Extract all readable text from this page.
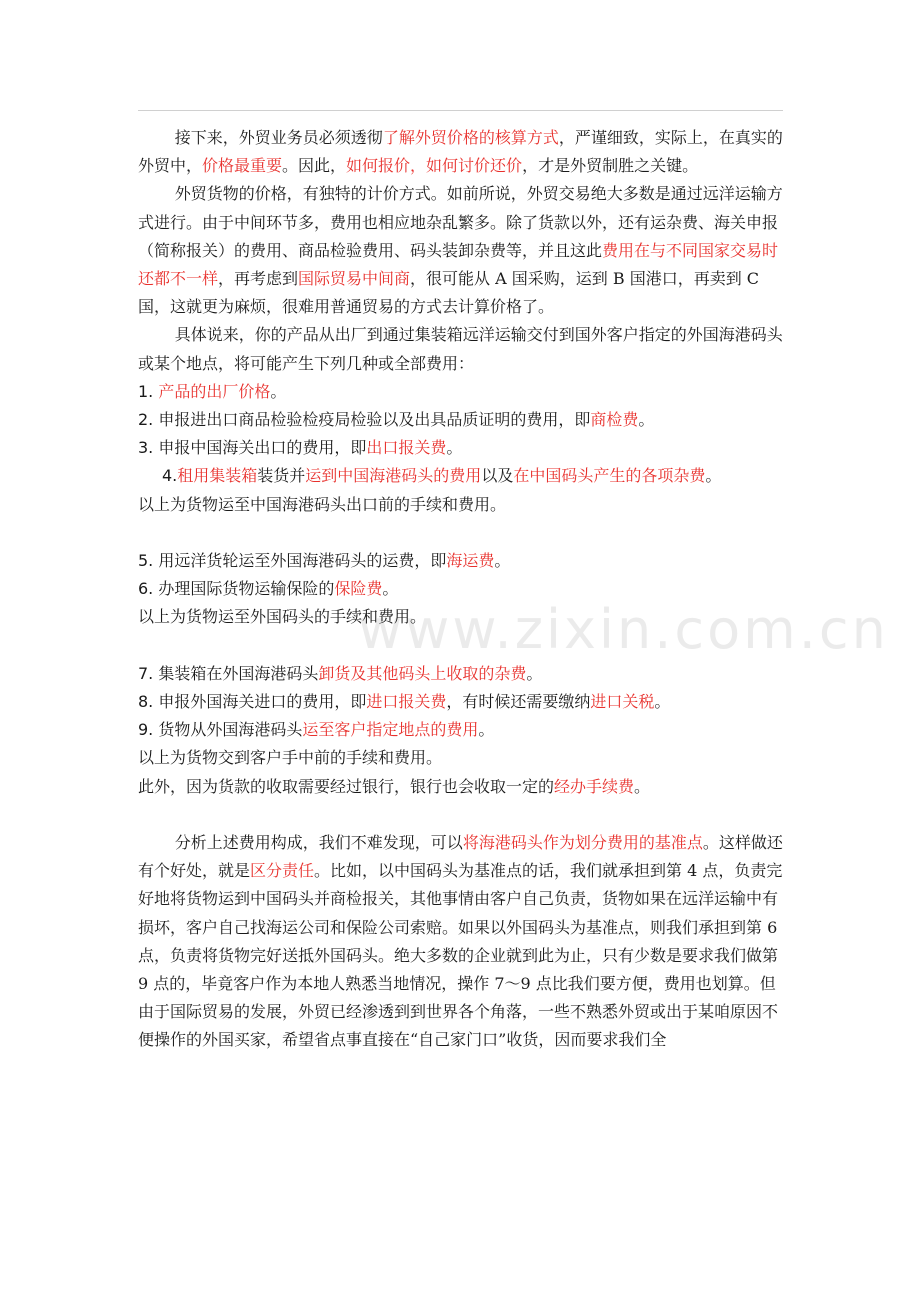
www.zixin.com.cn

接下来，外贸业务员必须透彻了解外贸价格的核算方式，严谨细致，实际上，在真实的外贸中，价格最重要。因此，如何报价，如何讨价还价，才是外贸制胜之关键。

外贸货物的价格，有独特的计价方式。如前所说，外贸交易绝大多数是通过远洋运输方式进行。由于中间环节多，费用也相应地杂乱繁多。除了货款以外，还有运杂费、海关申报（简称报关）的费用、商品检验费用、码头装卸杂费等，并且这此费用在与不同国家交易时还都不一样，再考虑到国际贸易中间商，很可能从 A 国采购，运到 B 国港口，再卖到 C 国，这就更为麻烦，很难用普通贸易的方式去计算价格了。

具体说来，你的产品从出厂到通过集装箱远洋运输交付到国外客户指定的外国海港码头或某个地点，将可能产生下列几种或全部费用：

1. 产品的出厂价格。

2. 申报进出口商品检验检疫局检验以及出具品质证明的费用，即商检费。

3. 申报中国海关出口的费用，即出口报关费。

4.租用集装箱装货并运到中国海港码头的费用以及在中国码头产生的各项杂费。

以上为货物运至中国海港码头出口前的手续和费用。

5. 用远洋货轮运至外国海港码头的运费，即海运费。

6. 办理国际货物运输保险的保险费。

以上为货物运至外国码头的手续和费用。

7. 集装箱在外国海港码头卸货及其他码头上收取的杂费。

8. 申报外国海关进口的费用，即进口报关费，有时候还需要缴纳进口关税。

9. 货物从外国海港码头运至客户指定地点的费用。

以上为货物交到客户手中前的手续和费用。

此外，因为货款的收取需要经过银行，银行也会收取一定的经办手续费。

分析上述费用构成，我们不难发现，可以将海港码头作为划分费用的基准点。这样做还有个好处，就是区分责任。比如，以中国码头为基准点的话，我们就承担到第 4 点，负责完好地将货物运到中国码头并商检报关，其他事情由客户自己负责，货物如果在远洋运输中有损坏，客户自己找海运公司和保险公司索赔。如果以外国码头为基准点，则我们承担到第 6 点，负责将货物完好送抵外国码头。绝大多数的企业就到此为止，只有少数是要求我们做第 9 点的，毕竟客户作为本地人熟悉当地情况，操作 7～9 点比我们要方便，费用也划算。但由于国际贸易的发展，外贸已经渗透到到世界各个角落，一些不熟悉外贸或出于某咱原因不便操作的外国买家，希望省点事直接在“自己家门口”收货，因而要求我们全
